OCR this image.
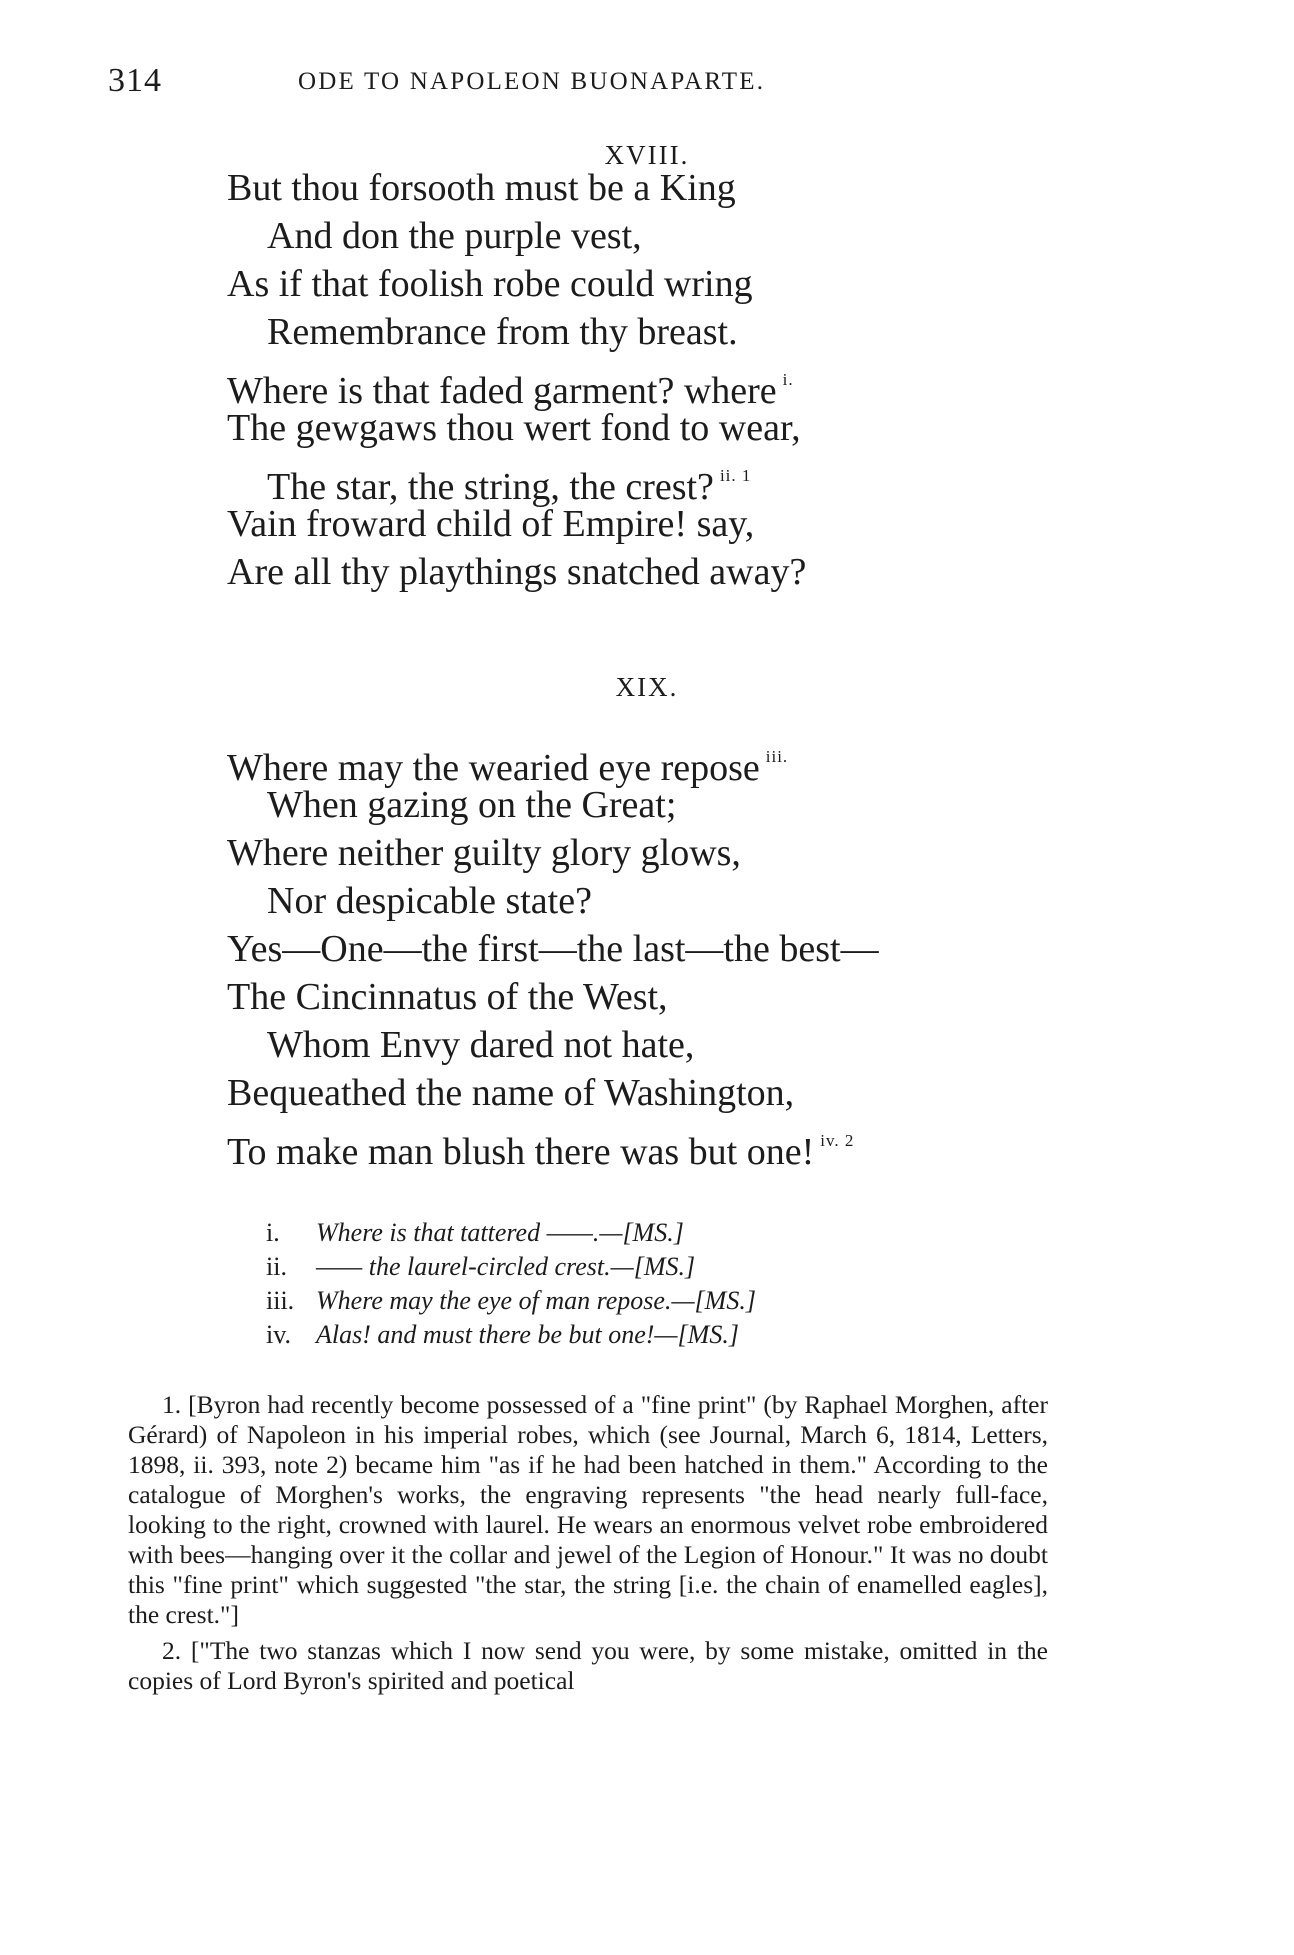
314	ODE TO NAPOLEON BUONAPARTE.
XVIII.
But thou forsooth must be a King
And don the purple vest,
As if that foolish robe could wring
Remembrance from thy breast.
Where is that faded garment? where $^{i.}$
The gewgaws thou wert fond to wear,
The star, the string, the crest? $^{ii. 1}$
Vain froward child of Empire! say,
Are all thy playthings snatched away?
XIX.
Where may the wearied eye repose $^{iii.}$
When gazing on the Great;
Where neither guilty glory glows,
Nor despicable state?
Yes—One—the first—the last—the best—
The Cincinnatus of the West,
Whom Envy dared not hate,
Bequeathed the name of Washington,
To make man blush there was but one! $^{iv. 2}$
i. Where is that tattered ——.—[MS.]
ii. —— the laurel-circled crest.—[MS.]
iii. Where may the eye of man repose.—[MS.]
iv. Alas! and must there be but one!—[MS.]

1. [Byron had recently become possessed of a "fine print" (by Raphael Morghen, after Gérard) of Napoleon in his imperial robes, which (see Journal, March 6, 1814, Letters, 1898, ii. 393, note 2) became him "as if he had been hatched in them." According to the catalogue of Morghen's works, the engraving represents "the head nearly full-face, looking to the right, crowned with laurel. He wears an enormous velvet robe embroidered with bees—hanging over it the collar and jewel of the Legion of Honour." It was no doubt this "fine print" which suggested "the star, the string [i.e. the chain of enamelled eagles], the crest."]

2. ["The two stanzas which I now send you were, by some mistake, omitted in the copies of Lord Byron's spirited and poetical
